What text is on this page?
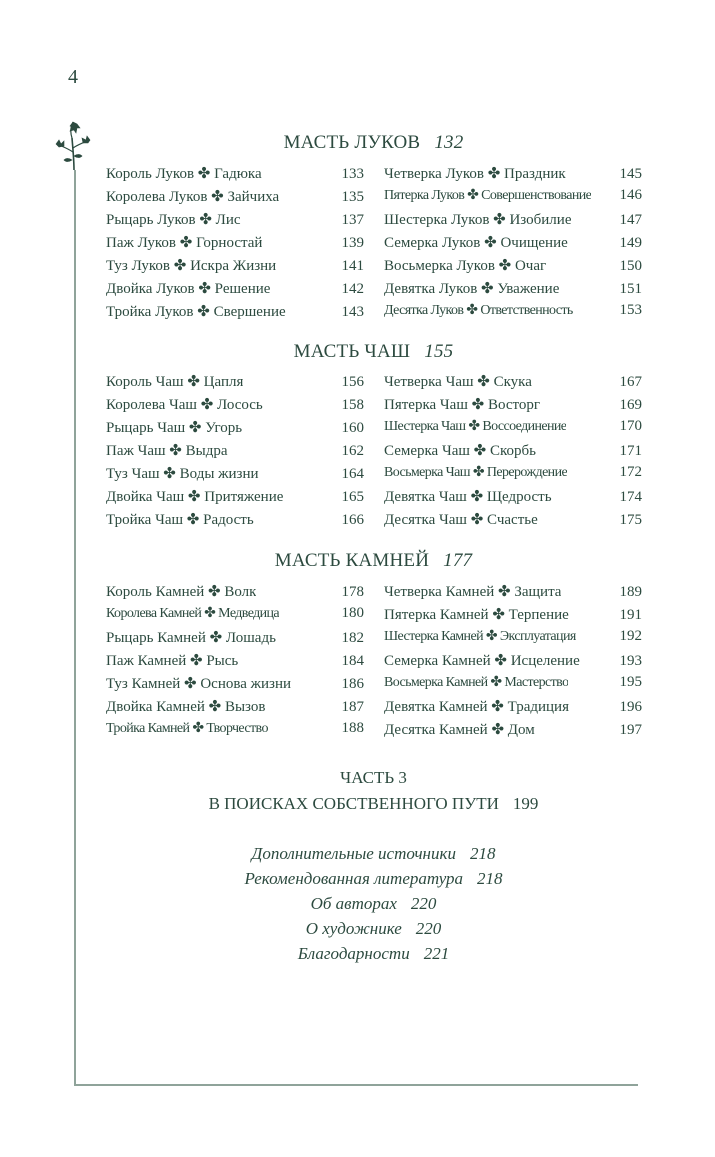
4
МАСТЬ ЛУКОВ 132
Король Луков ✤ Гадюка	133
Королева Луков ✤ Зайчиха	135
Рыцарь Луков ✤ Лис	137
Паж Луков ✤ Горностай	139
Туз Луков ✤ Искра Жизни	141
Двойка Луков ✤ Решение	142
Тройка Луков ✤ Свершение	143
Четверка Луков ✤ Праздник	145
Пятерка Луков ✤ Совершенствование	146
Шестерка Луков ✤ Изобилие	147
Семерка Луков ✤ Очищение	149
Восьмерка Луков ✤ Очаг	150
Девятка Луков ✤ Уважение	151
Десятка Луков ✤ Ответственность	153
МАСТЬ ЧАШ 155
Король Чаш ✤ Цапля	156
Королева Чаш ✤ Лосось	158
Рыцарь Чаш ✤ Угорь	160
Паж Чаш ✤ Выдра	162
Туз Чаш ✤ Воды жизни	164
Двойка Чаш ✤ Притяжение	165
Тройка Чаш ✤ Радость	166
Четверка Чаш ✤ Скука	167
Пятерка Чаш ✤ Восторг	169
Шестерка Чаш ✤ Воссоединение	170
Семерка Чаш ✤ Скорбь	171
Восьмерка Чаш ✤ Перерождение	172
Девятка Чаш ✤ Щедрость	174
Десятка Чаш ✤ Счастье	175
МАСТЬ КАМНЕЙ 177
Король Камней ✤ Волк	178
Королева Камней ✤ Медведица	180
Рыцарь Камней ✤ Лошадь	182
Паж Камней ✤ Рысь	184
Туз Камней ✤ Основа жизни	186
Двойка Камней ✤ Вызов	187
Тройка Камней ✤ Творчество	188
Четверка Камней ✤ Защита	189
Пятерка Камней ✤ Терпение	191
Шестерка Камней ✤ Эксплуатация	192
Семерка Камней ✤ Исцеление	193
Восьмерка Камней ✤ Мастерство	195
Девятка Камней ✤ Традиция	196
Десятка Камней ✤ Дом	197
ЧАСТЬ 3
В ПОИСКАХ СОБСТВЕННОГО ПУТИ 199
Дополнительные источники 218
Рекомендованная литература 218
Об авторах 220
О художнике 220
Благодарности 221
